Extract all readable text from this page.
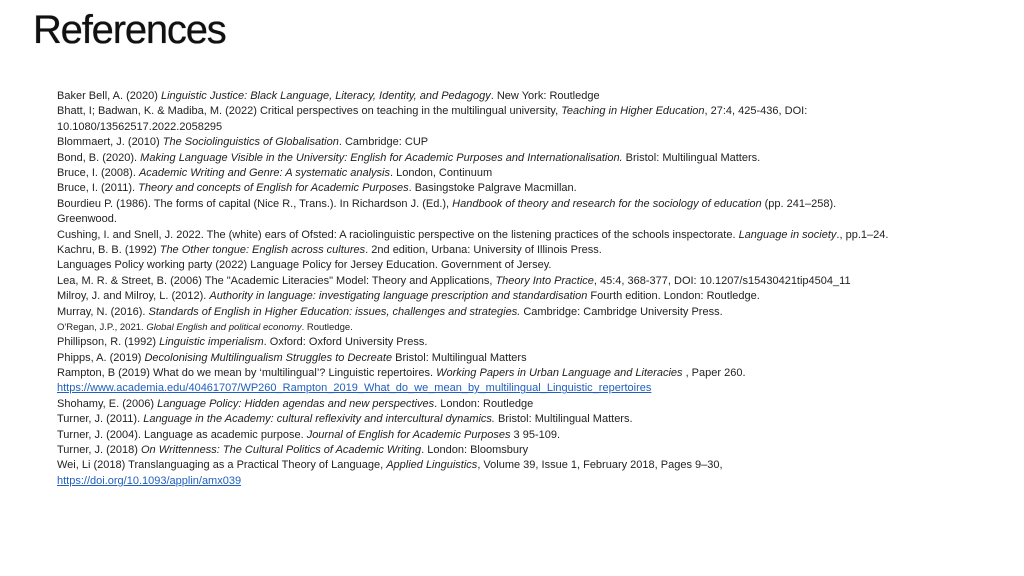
References
Baker Bell, A. (2020) Linguistic Justice: Black Language, Literacy, Identity, and Pedagogy. New York: Routledge
Bhatt, I; Badwan, K. & Madiba, M. (2022) Critical perspectives on teaching in the multilingual university, Teaching in Higher Education, 27:4, 425-436, DOI:
10.1080/13562517.2022.2058295
Blommaert, J. (2010) The Sociolinguistics of Globalisation. Cambridge: CUP
Bond, B. (2020). Making Language Visible in the University: English for Academic Purposes and Internationalisation. Bristol: Multilingual Matters.
Bruce, I. (2008). Academic Writing and Genre: A systematic analysis. London, Continuum
Bruce, I. (2011). Theory and concepts of English for Academic Purposes. Basingstoke Palgrave Macmillan.
Bourdieu P. (1986). The forms of capital (Nice R., Trans.). In Richardson J. (Ed.), Handbook of theory and research for the sociology of education (pp. 241–258).
Greenwood.
Cushing, I. and Snell, J. 2022. The (white) ears of Ofsted: A raciolinguistic perspective on the listening practices of the schools inspectorate. Language in society., pp.1–24.
Kachru, B. B. (1992) The Other tongue: English across cultures. 2nd edition, Urbana: University of Illinois Press.
Languages Policy working party (2022) Language Policy for Jersey Education. Government of Jersey.
Lea, M. R. & Street, B. (2006) The "Academic Literacies" Model: Theory and Applications, Theory Into Practice, 45:4, 368-377, DOI: 10.1207/s15430421tip4504_11
Milroy, J. and Milroy, L. (2012). Authority in language: investigating language prescription and standardisation Fourth edition. London: Routledge.
Murray, N. (2016). Standards of English in Higher Education: issues, challenges and strategies. Cambridge: Cambridge University Press.
O'Regan, J.P., 2021. Global English and political economy. Routledge.
Phillipson, R. (1992) Linguistic imperialism. Oxford: Oxford University Press.
Phipps, A. (2019) Decolonising Multilingualism Struggles to Decreate Bristol: Multilingual Matters
Rampton, B (2019) What do we mean by ‘multilingual’? Linguistic repertoires. Working Papers in Urban Language and Literacies , Paper 260.
https://www.academia.edu/40461707/WP260_Rampton_2019_What_do_we_mean_by_multilingual_Linguistic_repertoires
Shohamy, E. (2006) Language Policy: Hidden agendas and new perspectives. London: Routledge
Turner, J. (2011). Language in the Academy: cultural reflexivity and intercultural dynamics. Bristol: Multilingual Matters.
Turner, J. (2004). Language as academic purpose. Journal of English for Academic Purposes 3 95-109.
Turner, J. (2018) On Writtenness: The Cultural Politics of Academic Writing. London: Bloomsbury
Wei, Li (2018) Translanguaging as a Practical Theory of Language, Applied Linguistics, Volume 39, Issue 1, February 2018, Pages 9–30,
https://doi.org/10.1093/applin/amx039
